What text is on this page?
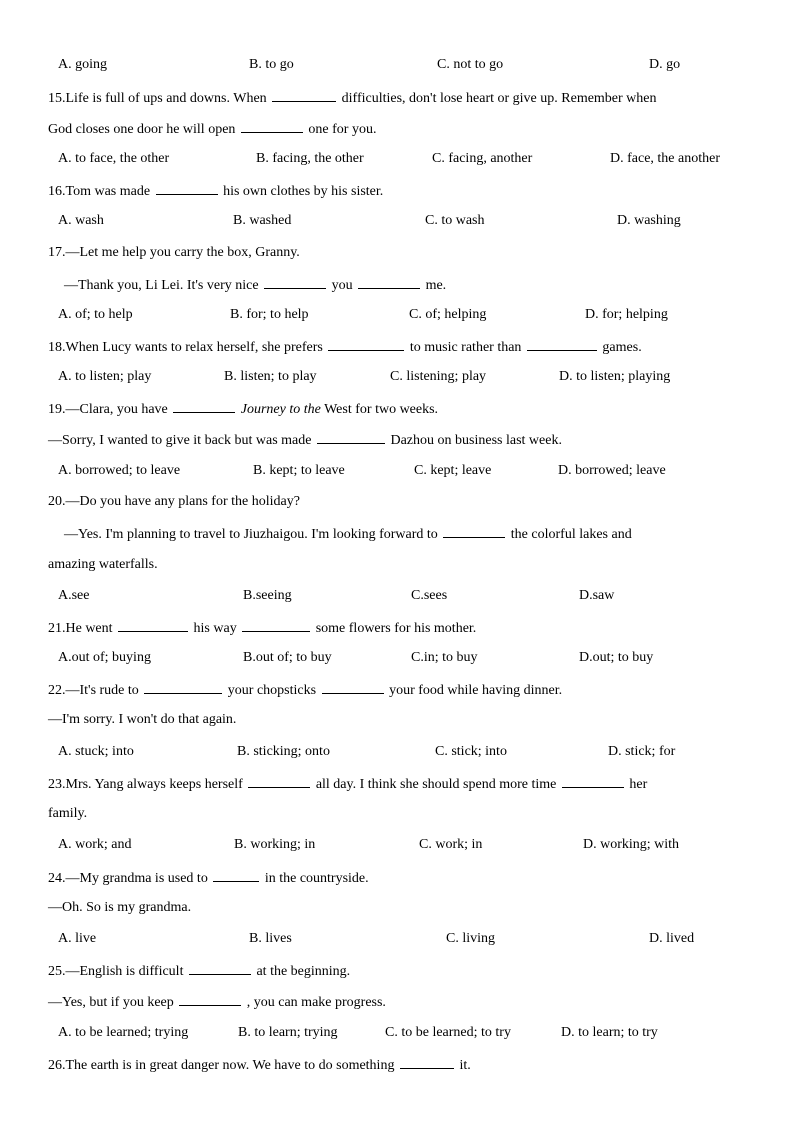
A. going	B. to go	C. not to go	D. go
15.Life is full of ups and downs. When	difficulties, don't lose heart or give up. Remember when
God closes one door he will open	one for you.
A. to face, the other	B. facing, the other	C. facing, another	D. face, the another
16.Tom was made	his own clothes by his sister.
A. wash	B. washed	C. to wash	D. washing
17.—Let me help you carry the box, Granny.
—Thank you, Li Lei. It's very nice	you	me.
A. of; to help	B. for; to help	C. of; helping	D. for; helping
18.When Lucy wants to relax herself, she prefers	to music rather than	games.
A. to listen; play	B. listen; to play	C. listening; play	D. to listen; playing
19.—Clara, you have	Journey to the West for two weeks.
—Sorry, I wanted to give it back but was made	Dazhou on business last week.
A. borrowed; to leave	B. kept; to leave	C. kept; leave	D. borrowed; leave
20.—Do you have any plans for the holiday?
—Yes. I'm planning to travel to Jiuzhaigou. I'm looking forward to	the colorful lakes and
amazing waterfalls.
A.see	B.seeing	C.sees	D.saw
21.He went	his way	some flowers for his mother.
A.out of; buying	B.out of; to buy	C.in; to buy	D.out; to buy
22.—It's rude to	your chopsticks	your food while having dinner.
—I'm sorry. I won't do that again.
A. stuck; into	B. sticking; onto	C. stick; into	D. stick; for
23.Mrs. Yang always keeps herself	all day. I think she should spend more time	her
family.
A. work; and	B. working; in	C. work; in	D. working; with
24.—My grandma is used to	in the countryside.
—Oh. So is my grandma.
A. live	B. lives	C. living	D. lived
25.—English is difficult	at the beginning.
—Yes, but if you keep	, you can make progress.
A. to be learned; trying	B. to learn; trying	C. to be learned; to try	D. to learn; to try
26.The earth is in great danger now. We have to do something	it.
